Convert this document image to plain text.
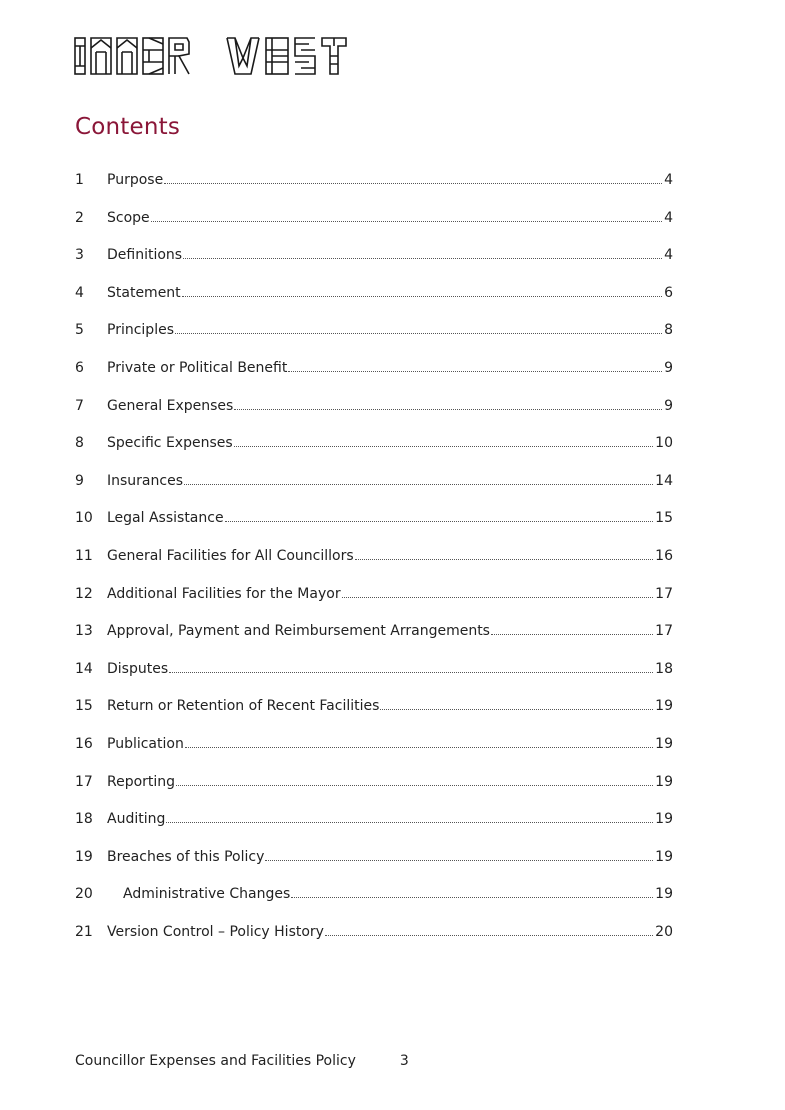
Contents
1	Purpose	4
2	Scope	4
3	Definitions	4
4	Statement	6
5	Principles	8
6	Private or Political Benefit	9
7	General Expenses	9
8	Specific Expenses	10
9	Insurances	14
10	Legal Assistance	15
11	General Facilities for All Councillors	16
12	Additional Facilities for the Mayor	17
13	Approval, Payment and Reimbursement Arrangements	17
14	Disputes	18
15	Return or Retention of Recent Facilities	19
16	Publication	19
17	Reporting	19
18	Auditing	19
19	Breaches of this Policy	19
20	Administrative Changes	19
21	Version Control – Policy History	20
Councillor Expenses and Facilities Policy	3
